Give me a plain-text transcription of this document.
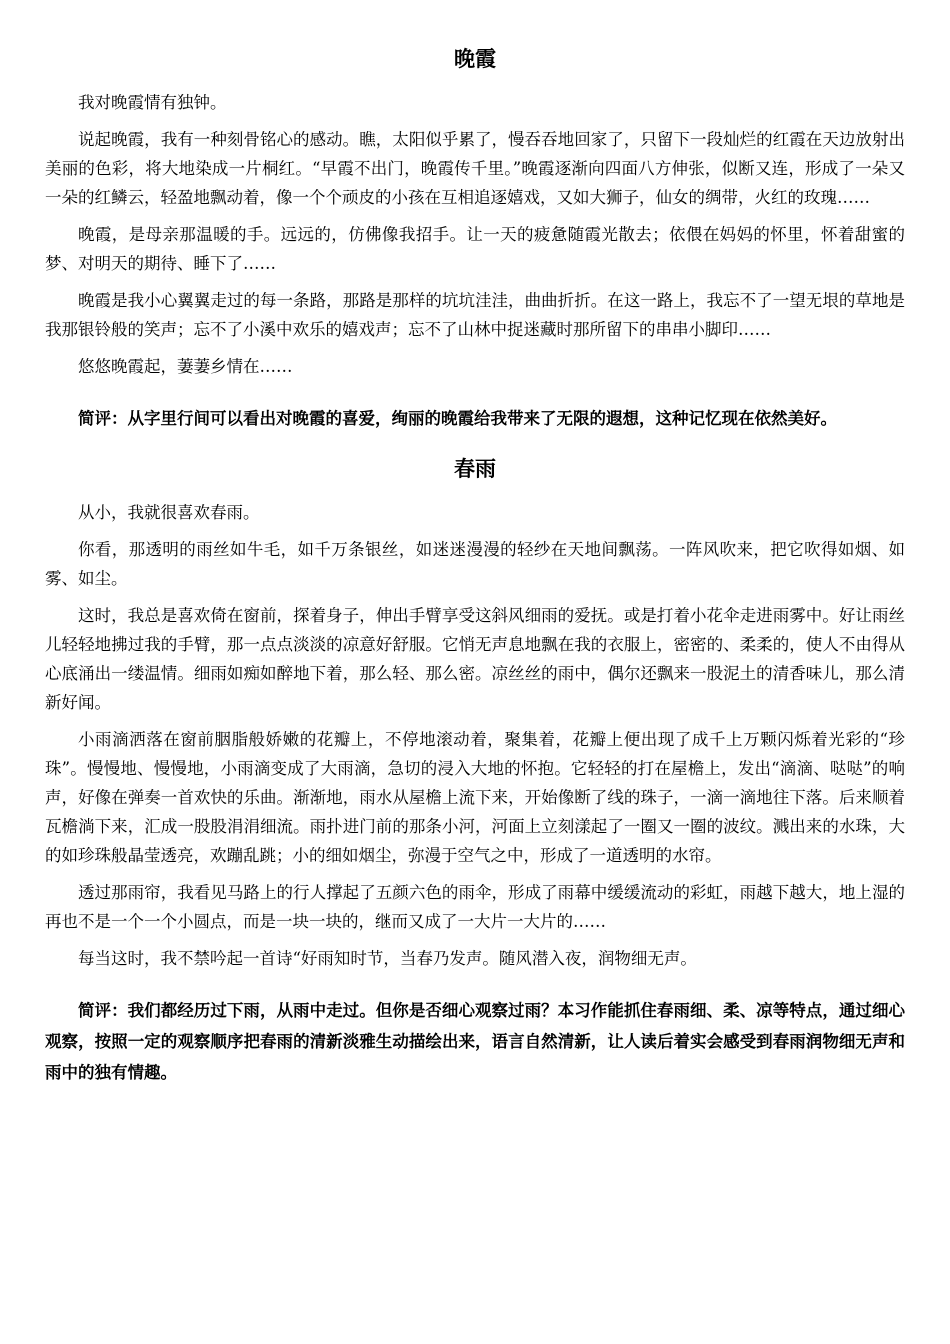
晚霞

我对晚霞情有独钟。

说起晚霞，我有一种刻骨铭心的感动。瞧，太阳似乎累了，慢吞吞地回家了，只留下一段灿烂的红霞在天边放射出美丽的色彩，将大地染成一片桐红。“早霞不出门，晚霞传千里。”晚霞逐渐向四面八方伸张，似断又连，形成了一朵又一朵的红鳞云，轻盈地飘动着，像一个个顽皮的小孩在互相追逐嬉戏，又如大狮子，仙女的绸带，火红的玫瑰……

晚霞，是母亲那温暖的手。远远的，仿佛像我招手。让一天的疲惫随霞光散去；依偎在妈妈的怀里，怀着甜蜜的梦、对明天的期待、睡下了……

晚霞是我小心翼翼走过的每一条路，那路是那样的坑坑洼洼，曲曲折折。在这一路上，我忘不了一望无垠的草地是我那银铃般的笑声；忘不了小溪中欢乐的嬉戏声；忘不了山林中捉迷藏时那所留下的串串小脚印……

悠悠晚霞起，萋萋乡情在……

简评：从字里行间可以看出对晚霞的喜爱，绚丽的晚霞给我带来了无限的遐想，这种记忆现在依然美好。

春雨

从小，我就很喜欢春雨。

你看，那透明的雨丝如牛毛，如千万条银丝，如迷迷漫漫的轻纱在天地间飘荡。一阵风吹来，把它吹得如烟、如雾、如尘。

这时，我总是喜欢倚在窗前，探着身子，伸出手臂享受这斜风细雨的爱抚。或是打着小花伞走进雨雾中。好让雨丝儿轻轻地拂过我的手臂，那一点点淡淡的凉意好舒服。它悄无声息地飘在我的衣服上，密密的、柔柔的，使人不由得从心底涌出一缕温情。细雨如痴如醉地下着，那么轻、那么密。凉丝丝的雨中，偶尔还飘来一股泥土的清香味儿，那么清新好闻。

小雨滴洒落在窗前胭脂般娇嫩的花瓣上，不停地滚动着，聚集着，花瓣上便出现了成千上万颗闪烁着光彩的“珍珠”。慢慢地、慢慢地，小雨滴变成了大雨滴，急切的浸入大地的怀抱。它轻轻的打在屋檐上，发出“滴滴、哒哒”的响声，好像在弹奏一首欢快的乐曲。渐渐地，雨水从屋檐上流下来，开始像断了线的珠子，一滴一滴地往下落。后来顺着瓦檐淌下来，汇成一股股涓涓细流。雨扑进门前的那条小河，河面上立刻漾起了一圈又一圈的波纹。溅出来的水珠，大的如珍珠般晶莹透亮，欢蹦乱跳；小的细如烟尘，弥漫于空气之中，形成了一道透明的水帘。

透过那雨帘，我看见马路上的行人撑起了五颜六色的雨伞，形成了雨幕中缓缓流动的彩虹，雨越下越大，地上湿的再也不是一个一个小圆点，而是一块一块的，继而又成了一大片一大片的……

每当这时，我不禁吟起一首诗“好雨知时节，当春乃发声。随风潜入夜，润物细无声。

简评：我们都经历过下雨，从雨中走过。但你是否细心观察过雨？本习作能抓住春雨细、柔、凉等特点，通过细心观察，按照一定的观察顺序把春雨的清新淡雅生动描绘出来，语言自然清新，让人读后着实会感受到春雨润物细无声和雨中的独有情趣。
